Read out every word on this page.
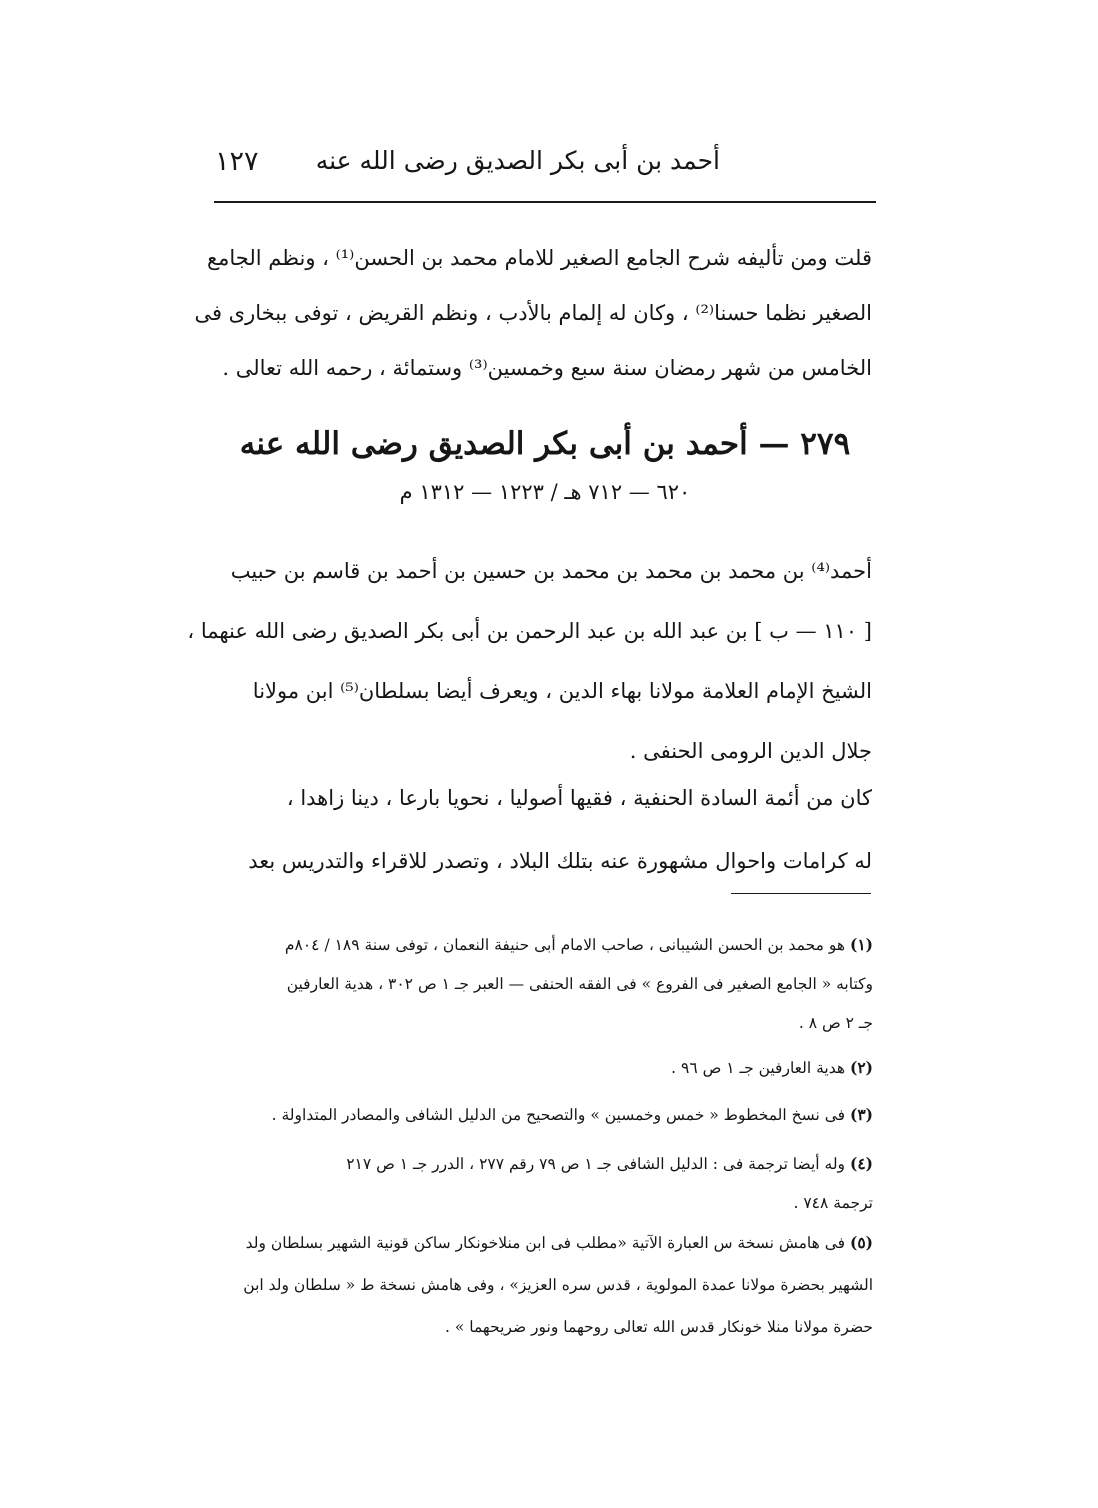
أحمد بن أبى بكر الصديق رضى الله عنه
١٢٧
قلت ومن تأليفه شرح الجامع الصغير للامام محمد بن الحسن⁽¹⁾ ، ونظم الجامع
الصغير نظما حسنا⁽²⁾ ، وكان له إلمام بالأدب ، ونظم القريض ، توفى ببخارى فى
الخامس من شهر رمضان سنة سبع وخمسين⁽³⁾ وستمائة ، رحمه الله تعالى .
٢٧٩ — أحمد بن أبى بكر الصديق رضى الله عنه
٦٢٠ — ٧١٢ هـ / ١٢٢٣ — ١٣١٢ م
أحمد⁽⁴⁾ بن محمد بن محمد بن محمد بن حسين بن أحمد بن قاسم بن حبيب
[ ١١٠ — ب ] بن عبد الله بن عبد الرحمن بن أبى بكر الصديق رضى الله عنهما ،
الشيخ الإمام العلامة مولانا بهاء الدين ، ويعرف أيضا بسلطان⁽⁵⁾ ابن مولانا
جلال الدين الرومى الحنفى .
كان من أئمة السادة الحنفية ، فقيها أصوليا ، نحويا بارعا ، دينا زاهدا ،
له كرامات واحوال مشهورة عنه بتلك البلاد ، وتصدر للاقراء والتدريس بعد
(١) هو محمد بن الحسن الشيبانى ، صاحب الامام أبى حنيفة النعمان ، توفى سنة ١٨٩ / ٨٠٤م
وكتابه « الجامع الصغير فى الفروع » فى الفقه الحنفى — العبر جـ ١ ص ٣٠٢ ، هدية العارفين
جـ ٢ ص ٨ .
(٢) هدية العارفين جـ ١ ص ٩٦ .
(٣) فى نسخ المخطوط « خمس وخمسين » والتصحيح من الدليل الشافى والمصادر المتداولة .
(٤) وله أيضا ترجمة فى : الدليل الشافى جـ ١ ص ٧٩ رقم ٢٧٧ ، الدرر جـ ١ ص ٢١٧
ترجمة ٧٤٨ .
(٥) فى هامش نسخة س العبارة الآتية «مطلب فى ابن منلاخونكار ساكن قونية الشهير بسلطان ولد
الشهير بحضرة مولانا عمدة المولوية ، قدس سره العزيز» ، وفى هامش نسخة ط « سلطان ولد ابن
حضرة مولانا منلا خونكار قدس الله تعالى روحهما ونور ضريحهما » .
